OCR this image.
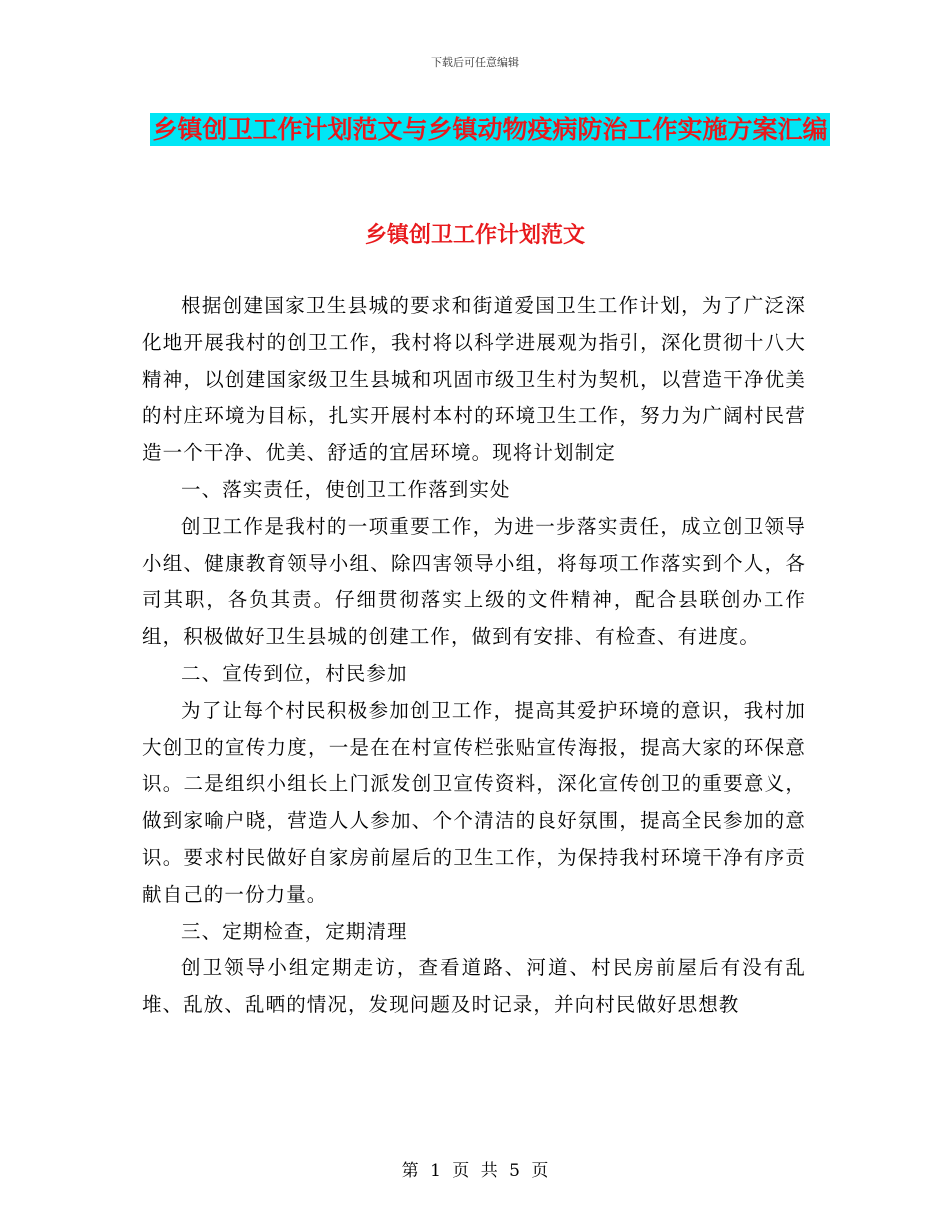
下载后可任意编辑
乡镇创卫工作计划范文与乡镇动物疫病防治工作实施方案汇编
乡镇创卫工作计划范文

根据创建国家卫生县城的要求和街道爱国卫生工作计划，为了广泛深化地开展我村的创卫工作，我村将以科学进展观为指引，深化贯彻十八大精神，以创建国家级卫生县城和巩固市级卫生村为契机，以营造干净优美的村庄环境为目标，扎实开展村本村的环境卫生工作，努力为广阔村民营造一个干净、优美、舒适的宜居环境。现将计划制定

一、落实责任，使创卫工作落到实处

创卫工作是我村的一项重要工作，为进一步落实责任，成立创卫领导小组、健康教育领导小组、除四害领导小组，将每项工作落实到个人，各司其职，各负其责。仔细贯彻落实上级的文件精神，配合县联创办工作组，积极做好卫生县城的创建工作，做到有安排、有检查、有进度。

二、宣传到位，村民参加

为了让每个村民积极参加创卫工作，提高其爱护环境的意识，我村加大创卫的宣传力度，一是在在村宣传栏张贴宣传海报，提高大家的环保意识。二是组织小组长上门派发创卫宣传资料，深化宣传创卫的重要意义，做到家喻户晓，营造人人参加、个个清洁的良好氛围，提高全民参加的意识。要求村民做好自家房前屋后的卫生工作，为保持我村环境干净有序贡献自己的一份力量。

三、定期检查，定期清理

创卫领导小组定期走访，查看道路、河道、村民房前屋后有没有乱堆、乱放、乱晒的情况，发现问题及时记录，并向村民做好思想教

第 1 页 共 5 页
